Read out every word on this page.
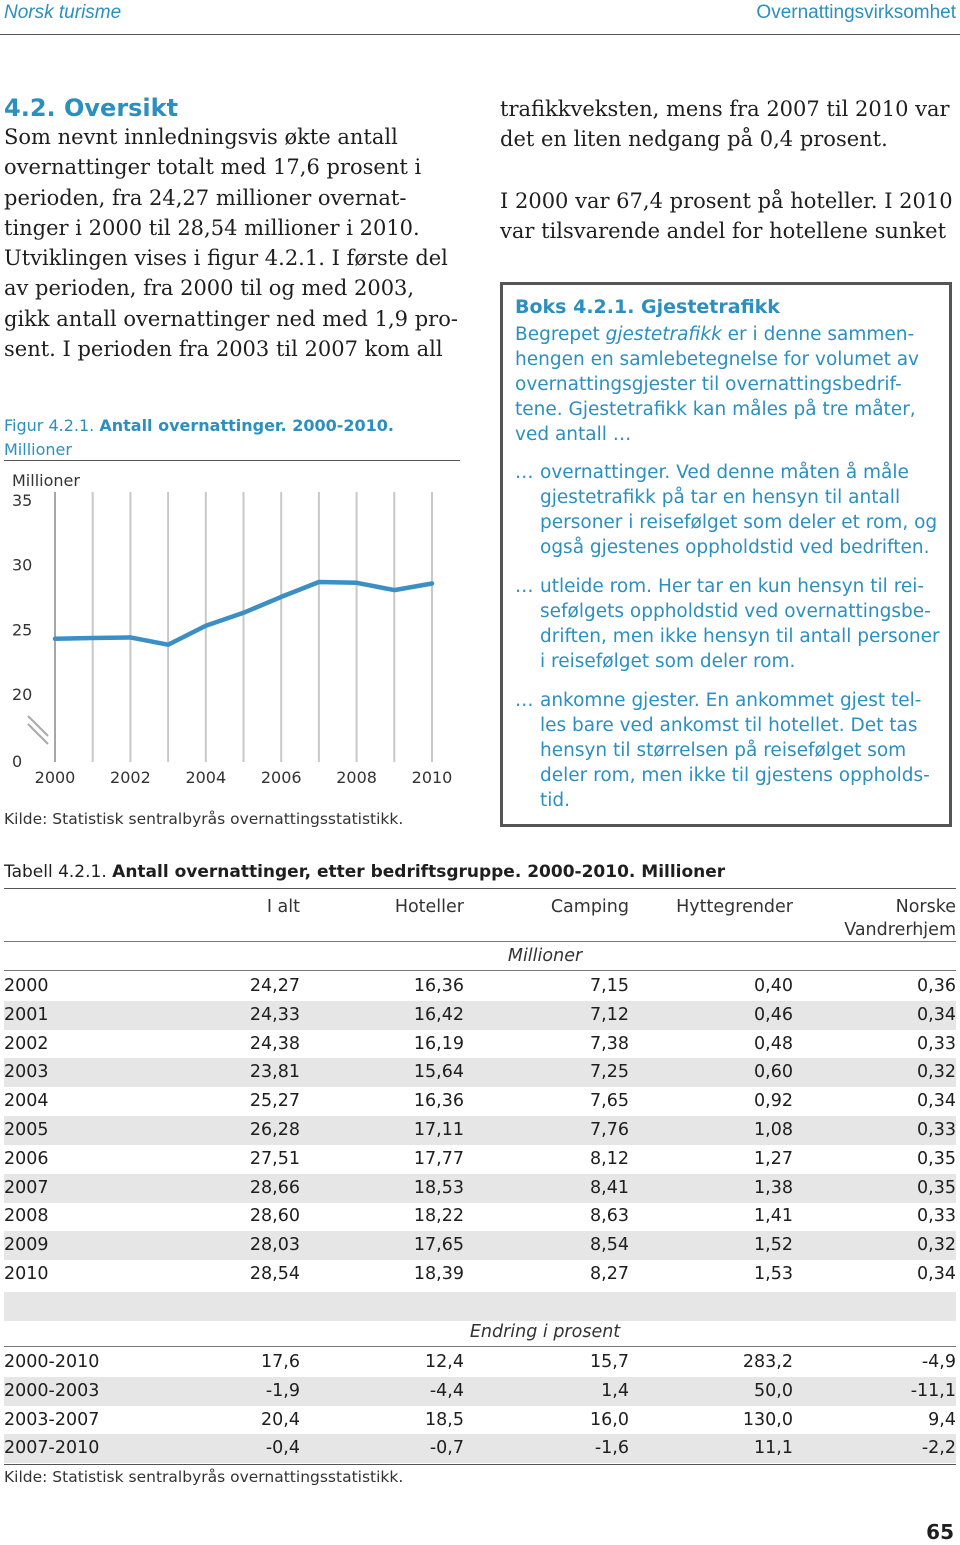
Norsk turisme	Overnattingsvirksomhet
4.2. Oversikt
Som nevnt innledningsvis økte antall
overnattinger totalt med 17,6 prosent i
perioden, fra 24,27 millioner overnat-
tinger i 2000 til 28,54 millioner i 2010.
Utviklingen vises i figur 4.2.1. I første del
av perioden, fra 2000 til og med 2003,
gikk antall overnattinger ned med 1,9 pro-
sent. I perioden fra 2003 til 2007 kom all
Figur 4.2.1. Antall overnattinger. 2000-2010.
Millioner
Millioner
35
30
25
20
0
2000 2002 2004 2006 2008 2010
Kilde: Statistisk sentralbyrås overnattingsstatistikk.
trafikkveksten, mens fra 2007 til 2010 var
det en liten nedgang på 0,4 prosent.
I 2000 var 67,4 prosent på hoteller. I 2010
var tilsvarende andel for hotellene sunket
Boks 4.2.1. Gjestetrafikk
Begrepet gjestetrafikk er i denne sammen-
hengen en samlebetegnelse for volumet av
overnattingsgjester til overnattingsbedrif-
tene. Gjestetrafikk kan måles på tre måter,
ved antall …

… overnattinger. Ved denne måten å måle
gjestetrafikk på tar en hensyn til antall
personer i reisefølget som deler et rom, og
også gjestenes oppholdstid ved bedriften.

… utleide rom. Her tar en kun hensyn til rei-
sefølgets oppholdstid ved overnattingsbe-
driften, men ikke hensyn til antall personer
i reisefølget som deler rom.

… ankomne gjester. En ankommet gjest tel-
les bare ved ankomst til hotellet. Det tas
hensyn til størrelsen på reisefølget som
deler rom, men ikke til gjestens oppholds-
tid.

Tabell 4.2.1. Antall overnattinger, etter bedriftsgruppe. 2000-2010. Millioner
I alt	Hoteller	Camping	Hyttegrender	Norske
Vandrerhjem
Millioner
2000	24,27	16,36	7,15	0,40	0,36
2001	24,33	16,42	7,12	0,46	0,34
2002	24,38	16,19	7,38	0,48	0,33
2003	23,81	15,64	7,25	0,60	0,32
2004	25,27	16,36	7,65	0,92	0,34
2005	26,28	17,11	7,76	1,08	0,33
2006	27,51	17,77	8,12	1,27	0,35
2007	28,66	18,53	8,41	1,38	0,35
2008	28,60	18,22	8,63	1,41	0,33
2009	28,03	17,65	8,54	1,52	0,32
2010	28,54	18,39	8,27	1,53	0,34
Endring i prosent
2000-2010	17,6	12,4	15,7	283,2	-4,9
2000-2003	-1,9	-4,4	1,4	50,0	-11,1
2003-2007	20,4	18,5	16,0	130,0	9,4
2007-2010	-0,4	-0,7	-1,6	11,1	-2,2
Kilde: Statistisk sentralbyrås overnattingsstatistikk.
65
